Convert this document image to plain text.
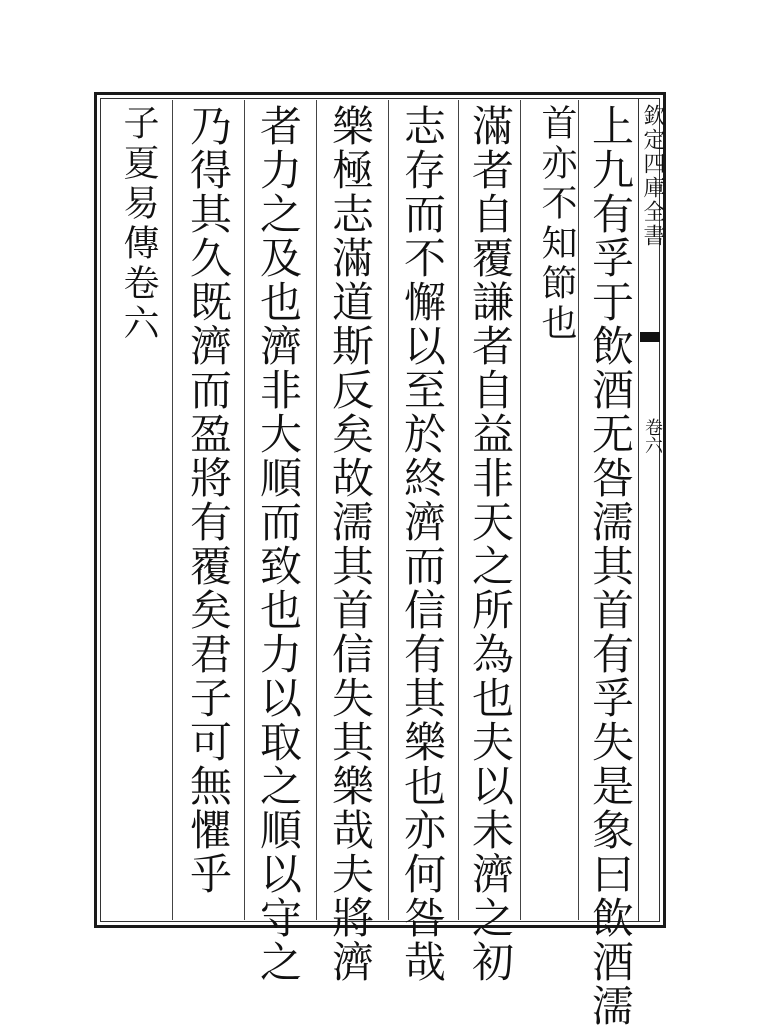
欽定四庫全書
卷六
上九有孚于飲酒无咎濡其首有孚失是象曰飲酒濡
首亦不知節也
滿者自覆謙者自益非天之所為也夫以未濟之初
志存而不懈以至於終濟而信有其樂也亦何咎哉
樂極志滿道斯反矣故濡其首信失其樂哉夫將濟
者力之及也濟非大順而致也力以取之順以守之
乃得其久既濟而盈將有覆矣君子可無懼乎
子夏易傳卷六
